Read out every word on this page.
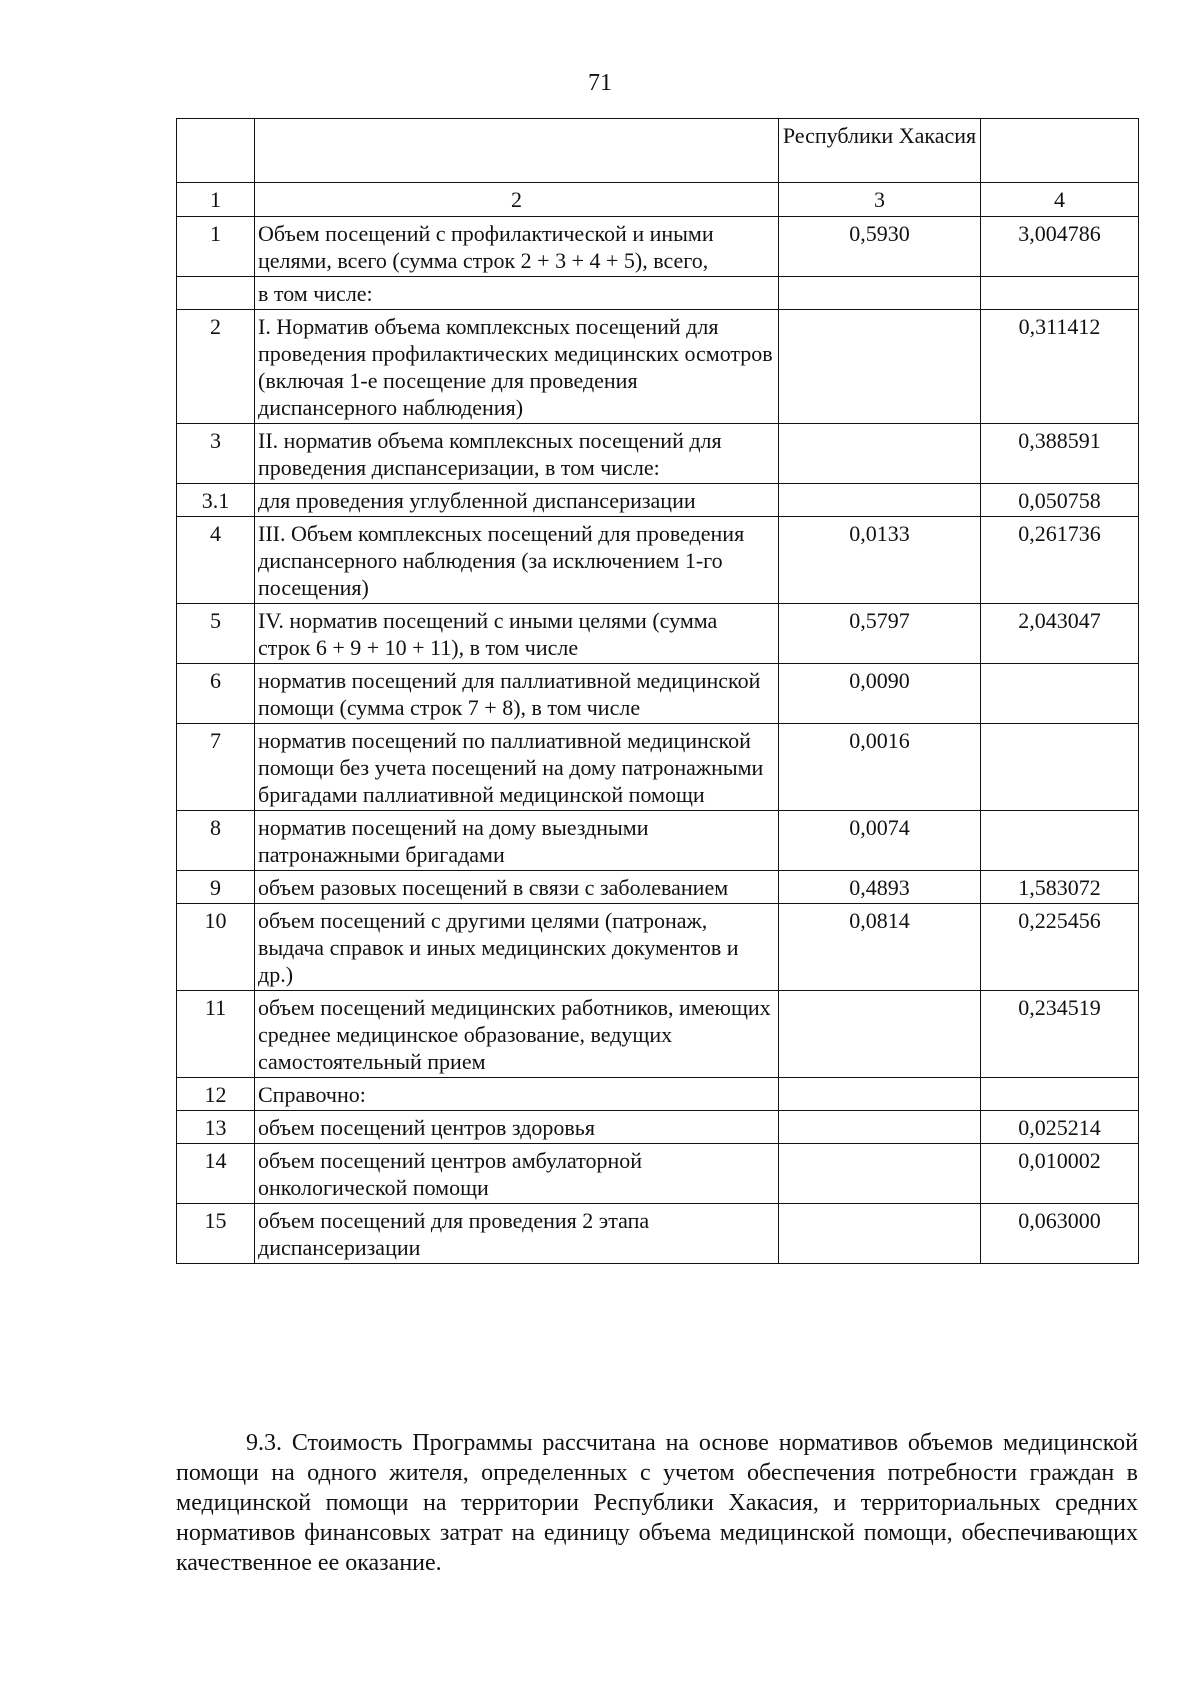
71
		Республики Хакасия	
1	2	3	4
1	Объем посещений с профилактической и иными целями, всего (сумма строк 2 + 3 + 4 + 5), всего,	0,5930	3,004786
	в том числе:		
2	I. Норматив объема комплексных посещений для проведения профилактических медицинских осмотров (включая 1-е посещение для проведения диспансерного наблюдения)		0,311412
3	II. норматив объема комплексных посещений для проведения диспансеризации, в том числе:		0,388591
3.1	для проведения углубленной диспансеризации		0,050758
4	III. Объем комплексных посещений для проведения диспансерного наблюдения (за исключением 1-го посещения)	0,0133	0,261736
5	IV. норматив посещений с иными целями (сумма строк 6 + 9 + 10 + 11), в том числе	0,5797	2,043047
6	норматив посещений для паллиативной медицинской помощи (сумма строк 7 + 8), в том числе	0,0090	
7	норматив посещений по паллиативной медицинской помощи без учета посещений на дому патронажными бригадами паллиативной медицинской помощи	0,0016	
8	норматив посещений на дому выездными патронажными бригадами	0,0074	
9	объем разовых посещений в связи с заболеванием	0,4893	1,583072
10	объем посещений с другими целями (патронаж, выдача справок и иных медицинских документов и др.)	0,0814	0,225456
11	объем посещений медицинских работников, имеющих среднее медицинское образование, ведущих самостоятельный прием		0,234519
12	Справочно:		
13	объем посещений центров здоровья		0,025214
14	объем посещений центров амбулаторной онкологической помощи		0,010002
15	объем посещений для проведения 2 этапа диспансеризации		0,063000

9.3. Стоимость Программы рассчитана на основе нормативов объемов медицинской помощи на одного жителя, определенных с учетом обеспечения потребности граждан в медицинской помощи на территории Республики Хакасия, и территориальных средних нормативов финансовых затрат на единицу объема медицинской помощи, обеспечивающих качественное ее оказание.
